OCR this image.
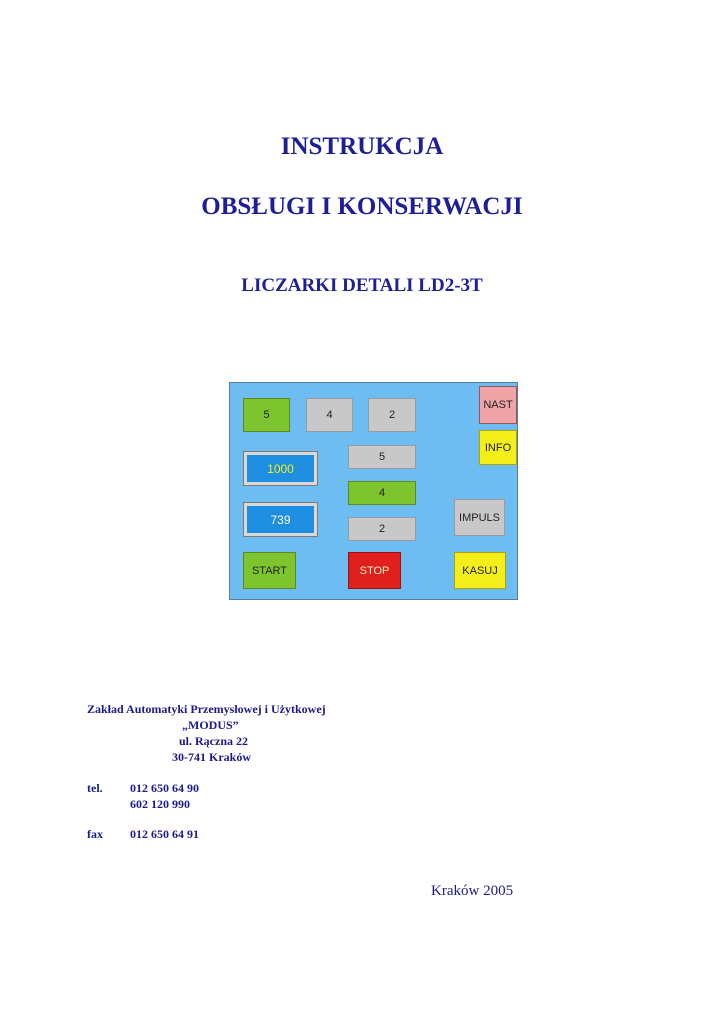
INSTRUKCJA
OBSŁUGI I KONSERWACJI
LICZARKI DETALI LD2-3T
5	4	2
NAST
INFO
1000
739
5
4
2
IMPULS
START	STOP	KASUJ
Zakład Automatyki Przemysłowej i Użytkowej
„MODUS”
ul. Rączna 22
30-741 Kraków
tel. 012 650 64 90
602 120 990
fax 012 650 64 91
Kraków 2005
